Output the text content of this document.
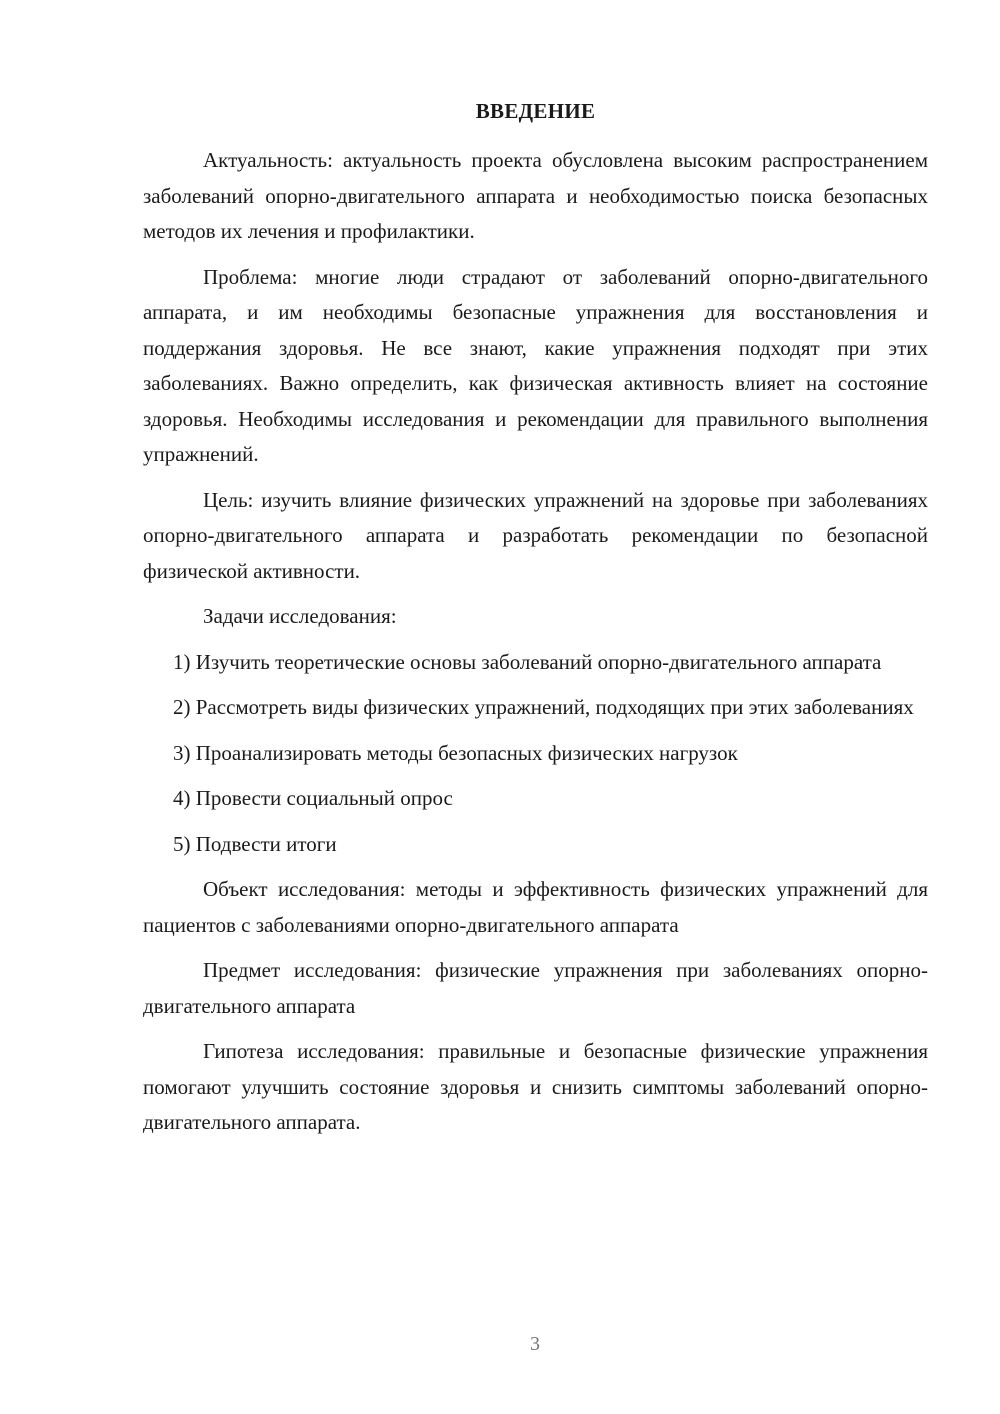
ВВЕДЕНИЕ

Актуальность: актуальность проекта обусловлена высоким распространением заболеваний опорно-двигательного аппарата и необходимостью поиска безопасных методов их лечения и профилактики.

Проблема: многие люди страдают от заболеваний опорно-двигательного аппарата, и им необходимы безопасные упражнения для восстановления и поддержания здоровья. Не все знают, какие упражнения подходят при этих заболеваниях. Важно определить, как физическая активность влияет на состояние здоровья. Необходимы исследования и рекомендации для правильного выполнения упражнений.

Цель: изучить влияние физических упражнений на здоровье при заболеваниях опорно-двигательного аппарата и разработать рекомендации по безопасной физической активности.

Задачи исследования:

1) Изучить теоретические основы заболеваний опорно-двигательного аппарата

2) Рассмотреть виды физических упражнений, подходящих при этих заболеваниях

3) Проанализировать методы безопасных физических нагрузок

4) Провести социальный опрос

5) Подвести итоги

Объект исследования: методы и эффективность физических упражнений для пациентов с заболеваниями опорно-двигательного аппарата

Предмет исследования: физические упражнения при заболеваниях опорно-двигательного аппарата

Гипотеза исследования: правильные и безопасные физические упражнения помогают улучшить состояние здоровья и снизить симптомы заболеваний опорно-двигательного аппарата.

3
